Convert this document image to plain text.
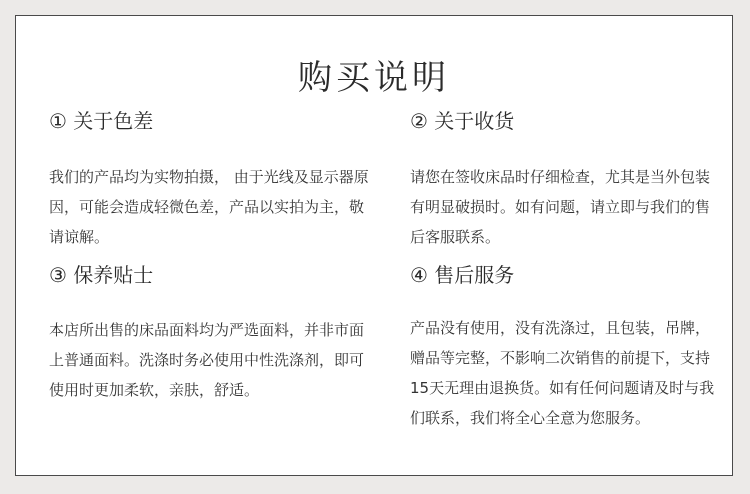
购买说明

① 关于色差

我们的产品均为实物拍摄， 由于光线及显示器原因，可能会造成轻微色差，产品以实拍为主，敬请谅解。

② 关于收货

请您在签收床品时仔细检查，尤其是当外包装有明显破损时。如有问题，请立即与我们的售后客服联系。

③ 保养贴士

本店所出售的床品面料均为严选面料，并非市面上普通面料。洗涤时务必使用中性洗涤剂，即可使用时更加柔软，亲肤，舒适。

④ 售后服务

产品没有使用，没有洗涤过，且包装，吊牌，赠品等完整，不影响二次销售的前提下，支持15天无理由退换货。如有任何问题请及时与我们联系，我们将全心全意为您服务。
